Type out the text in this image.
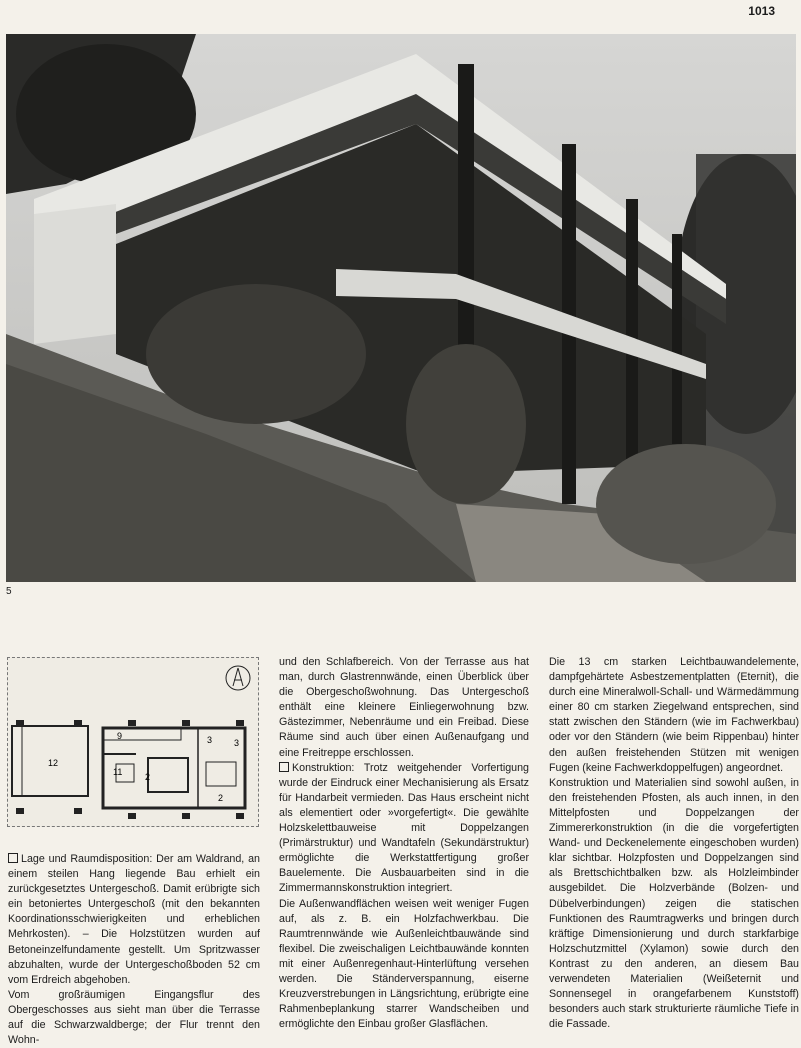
1013
5
12
9
11	2
2
3 3

Lage und Raumdisposition: Der am Waldrand, an einem steilen Hang liegende Bau erhielt ein zurückgesetztes Untergeschoß. Damit erübrigte sich ein betoniertes Untergeschoß (mit den bekannten Koordinationsschwierigkeiten und erheblichen Mehrkosten). – Die Holzstützen wurden auf Betoneinzelfundamente gestellt. Um Spritzwasser abzuhalten, wurde der Untergeschoßboden 52 cm vom Erdreich abgehoben.

Vom großräumigen Eingangsflur des Obergeschosses aus sieht man über die Terrasse auf die Schwarzwaldberge; der Flur trennt den Wohn-

und den Schlafbereich. Von der Terrasse aus hat man, durch Glastrennwände, einen Überblick über die Obergeschoßwohnung. Das Untergeschoß enthält eine kleinere Einliegerwohnung bzw. Gästezimmer, Nebenräume und ein Freibad. Diese Räume sind auch über einen Außenaufgang und eine Freitreppe erschlossen.

Konstruktion: Trotz weitgehender Vorfertigung wurde der Eindruck einer Mechanisierung als Ersatz für Handarbeit vermieden. Das Haus erscheint nicht als elementiert oder »vorgefertigt«. Die gewählte Holzskelettbauweise mit Doppelzangen (Primärstruktur) und Wandtafeln (Sekundärstruktur) ermöglichte die Werkstattfertigung großer Bauelemente. Die Ausbauarbeiten sind in die Zimmermannskonstruktion integriert.

Die Außenwandflächen weisen weit weniger Fugen auf, als z. B. ein Holzfachwerkbau. Die Raumtrennwände wie Außenleichtbauwände sind flexibel. Die zweischaligen Leichtbauwände konnten mit einer Außenregenhaut-Hinterlüftung versehen werden. Die Ständerverspannung, eiserne Kreuzverstrebungen in Längsrichtung, erübrigte eine Rahmenbeplankung starrer Wandscheiben und ermöglichte den Einbau großer Glasflächen.

Die 13 cm starken Leichtbauwandelemente, dampfgehärtete Asbestzementplatten (Eternit), die durch eine Mineralwoll-Schall- und Wärmedämmung einer 80 cm starken Ziegelwand entsprechen, sind statt zwischen den Ständern (wie im Fachwerkbau) oder vor den Ständern (wie beim Rippenbau) hinter den außen freistehenden Stützen mit wenigen Fugen (keine Fachwerkdoppelfugen) angeordnet.

Konstruktion und Materialien sind sowohl außen, in den freistehenden Pfosten, als auch innen, in den Mittelpfosten und Doppelzangen der Zimmererkonstruktion (in die die vorgefertigten Wand- und Deckenelemente eingeschoben wurden) klar sichtbar. Holzpfosten und Doppelzangen sind als Brettschichtbalken bzw. als Holzleimbinder ausgebildet. Die Holzverbände (Bolzen- und Dübelverbindungen) zeigen die statischen Funktionen des Raumtragwerks und bringen durch kräftige Dimensionierung und durch starkfarbige Holzschutzmittel (Xylamon) sowie durch den Kontrast zu den anderen, an diesem Bau verwendeten Materialien (Weißeternit und Sonnensegel in orangefarbenem Kunststoff) besonders auch stark strukturierte räumliche Tiefe in die Fassade.
